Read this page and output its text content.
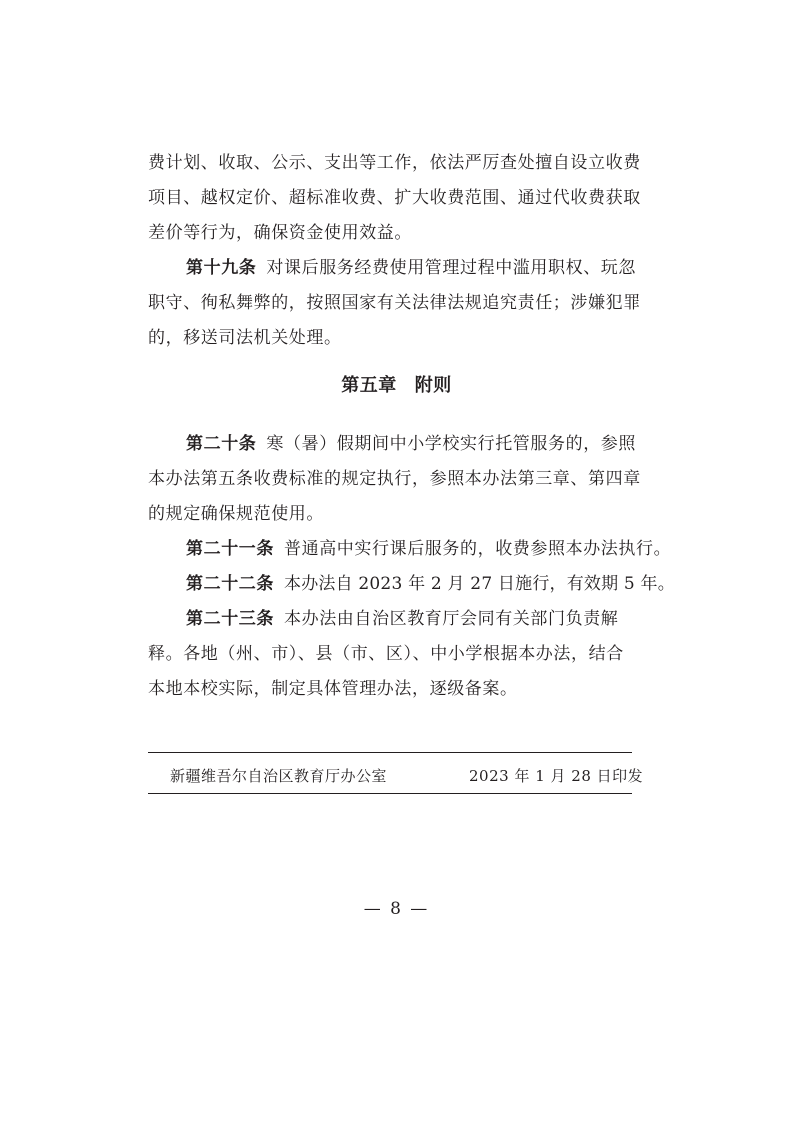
费计划、收取、公示、支出等工作，依法严厉查处擅自设立收费
项目、越权定价、超标准收费、扩大收费范围、通过代收费获取
差价等行为，确保资金使用效益。
第十九条 对课后服务经费使用管理过程中滥用职权、玩忽
职守、徇私舞弊的，按照国家有关法律法规追究责任；涉嫌犯罪
的，移送司法机关处理。
第五章 附则
第二十条 寒（暑）假期间中小学校实行托管服务的，参照
本办法第五条收费标准的规定执行，参照本办法第三章、第四章
的规定确保规范使用。
第二十一条 普通高中实行课后服务的，收费参照本办法执行。
第二十二条 本办法自 2023 年 2 月 27 日施行，有效期 5 年。
第二十三条 本办法由自治区教育厅会同有关部门负责解
释。各地（州、市）、县（市、区）、中小学根据本办法，结合
本地本校实际，制定具体管理办法，逐级备案。
新疆维吾尔自治区教育厅办公室	2023 年 1 月 28 日印发
— 8 —
